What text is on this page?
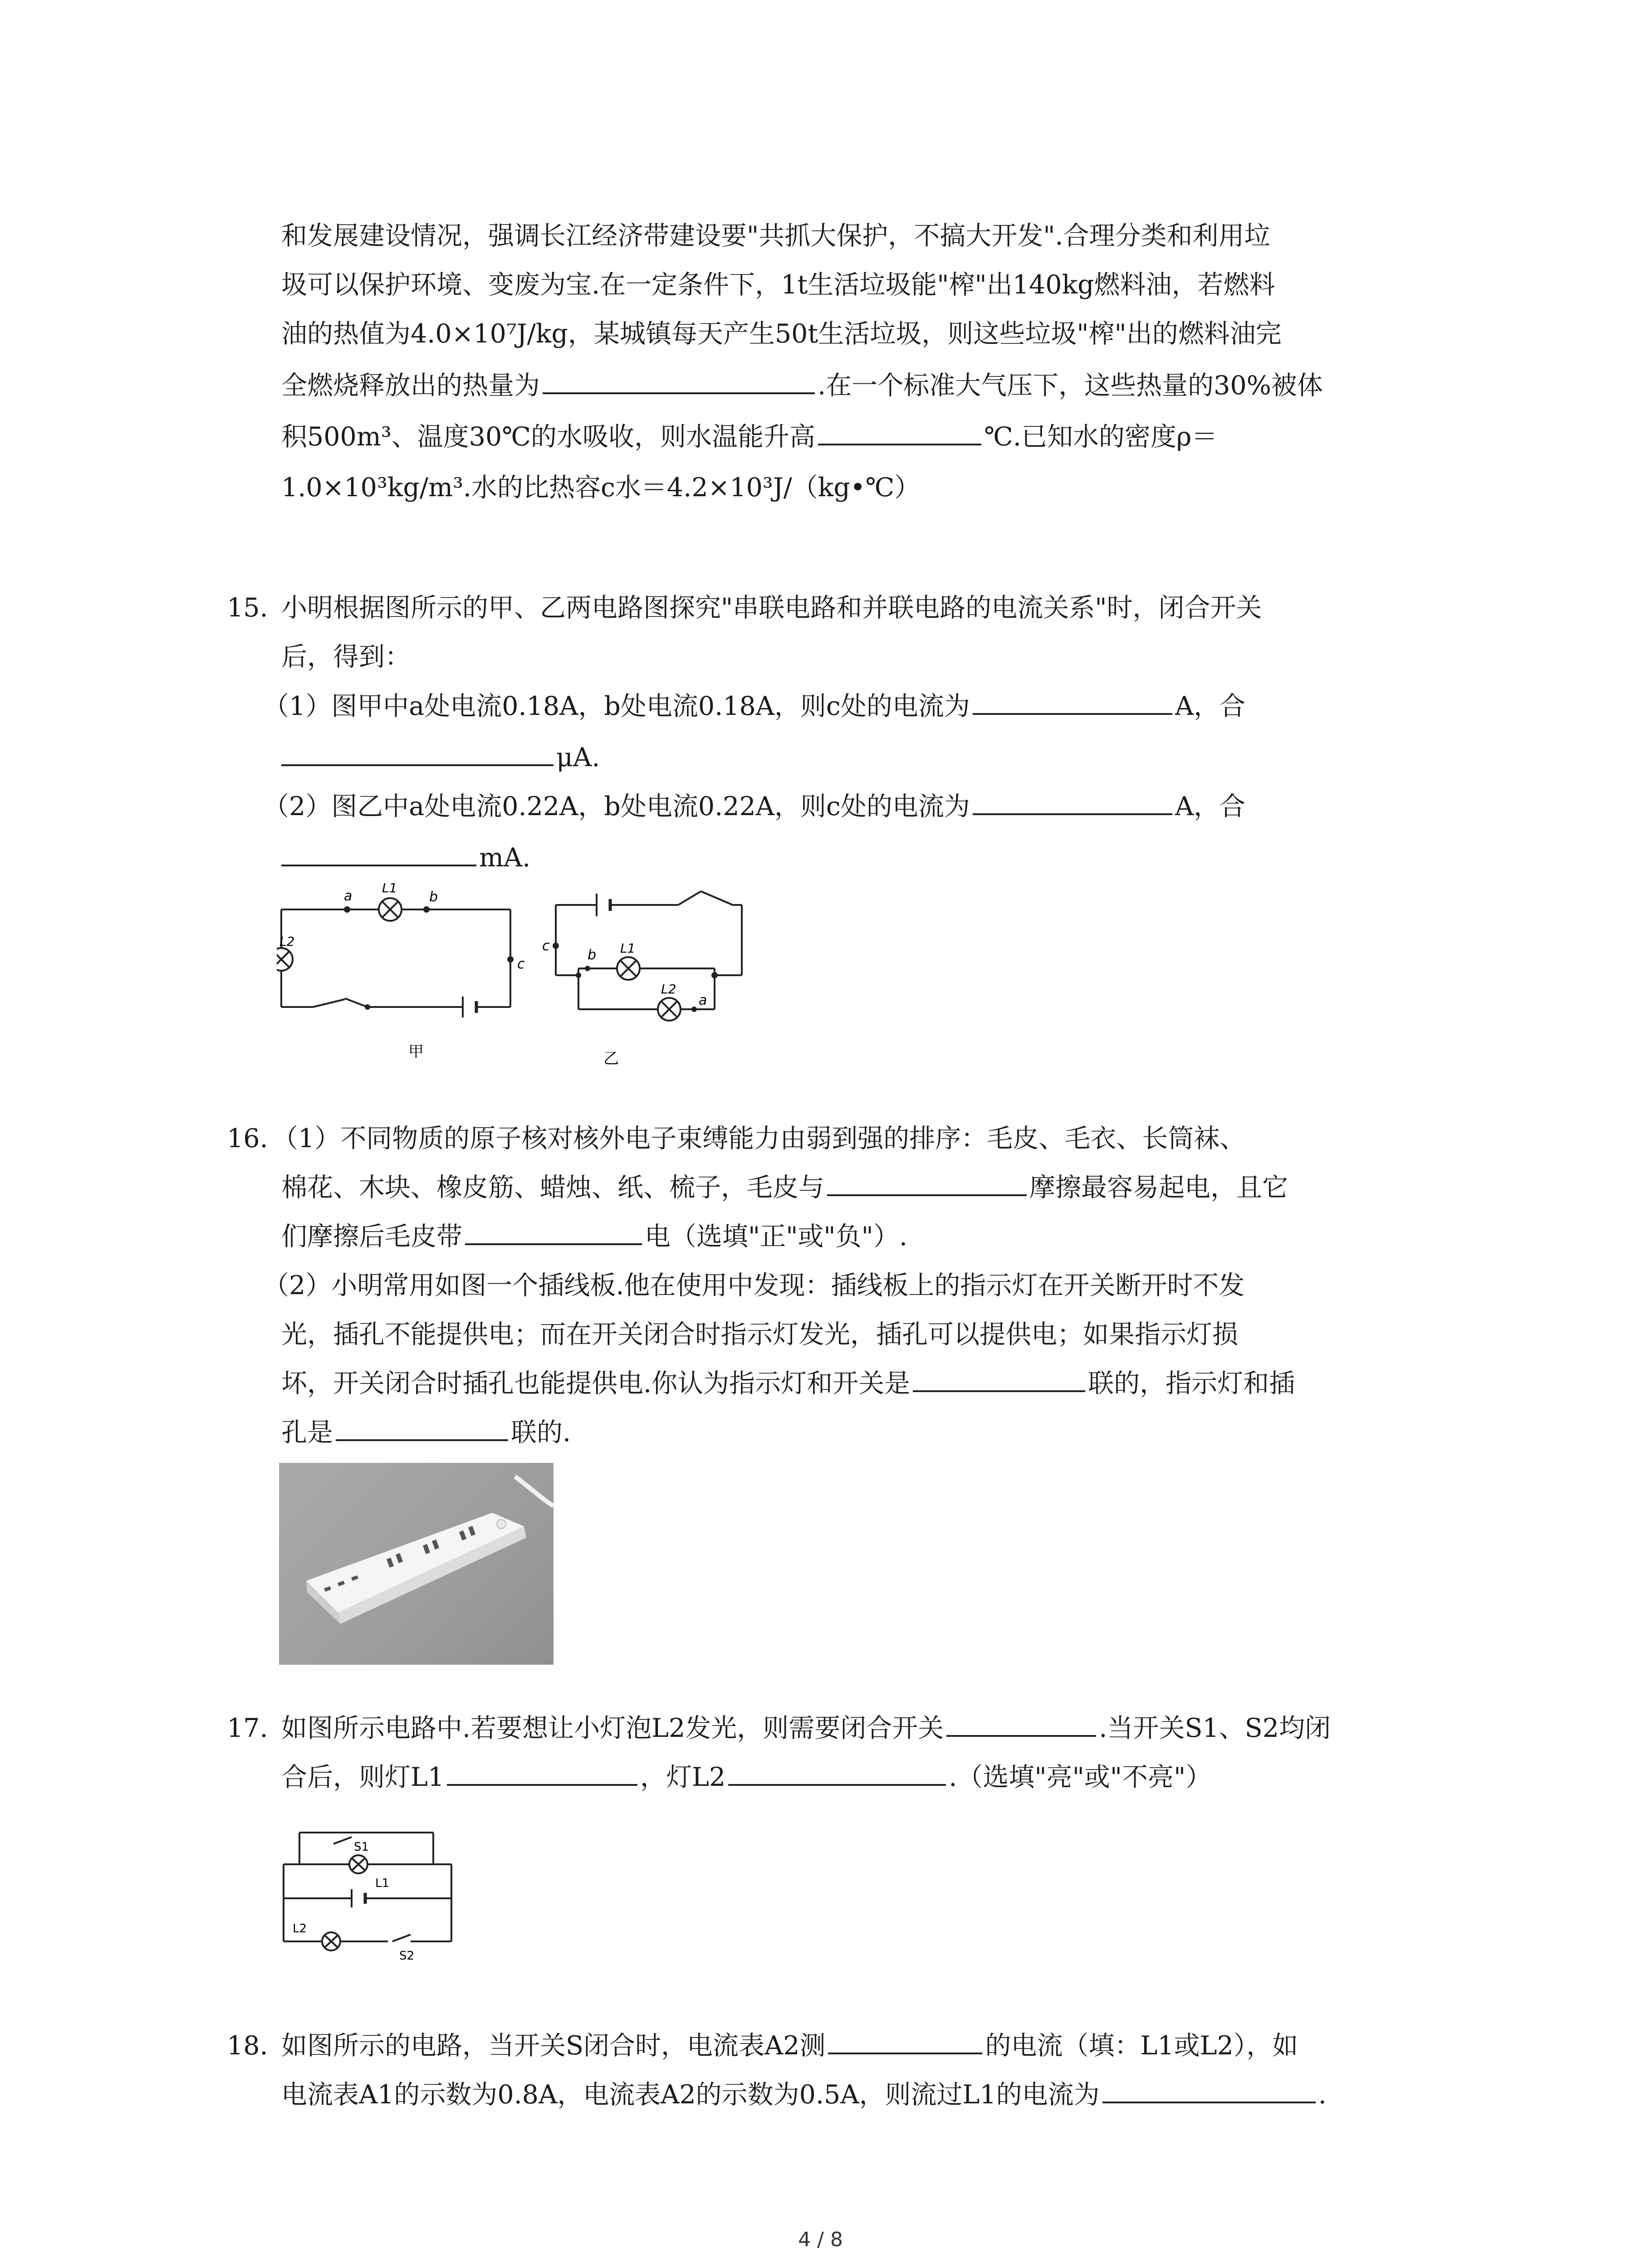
和发展建设情况，强调长江经济带建设要"共抓大保护，不搞大开发".合理分类和利用垃
圾可以保护环境、变废为宝.在一定条件下，1t生活垃圾能"榨"出140kg燃料油，若燃料
油的热值为4.0×10⁷J/kg，某城镇每天产生50t生活垃圾，则这些垃圾"榨"出的燃料油完
全燃烧释放出的热量为	.在一个标准大气压下，这些热量的30%被体
积500m³、温度30℃的水吸收，则水温能升高	℃.已知水的密度ρ＝
1.0×10³kg/m³.水的比热容c水＝4.2×10³J/（kg•℃）
15. 小明根据图所示的甲、乙两电路图探究"串联电路和并联电路的电流关系"时，闭合开关
后，得到：
（1）图甲中a处电流0.18A，b处电流0.18A，则c处的电流为	A，合
μA.
（2）图乙中a处电流0.22A，b处电流0.22A，则c处的电流为	A，合
mA.
a	b
c
L1
L2
甲
c
b
a
L1
L2
乙
16. （1）不同物质的原子核对核外电子束缚能力由弱到强的排序：毛皮、毛衣、长筒袜、
棉花、木块、橡皮筋、蜡烛、纸、梳子，毛皮与	摩擦最容易起电，且它
们摩擦后毛皮带	电（选填"正"或"负"）.
（2）小明常用如图一个插线板.他在使用中发现：插线板上的指示灯在开关断开时不发
光，插孔不能提供电；而在开关闭合时指示灯发光，插孔可以提供电；如果指示灯损
坏，开关闭合时插孔也能提供电.你认为指示灯和开关是	联的，指示灯和插
孔是	联的.
17. 如图所示电路中.若要想让小灯泡L2发光，则需要闭合开关	.当开关S1、S2均闭
合后，则灯L1	，灯L2	.（选填"亮"或"不亮"）
S1
L1
L2
S2
18. 如图所示的电路，当开关S闭合时，电流表A2测	的电流（填：L1或L2），如
电流表A1的示数为0.8A，电流表A2的示数为0.5A，则流过L1的电流为	.
4 / 8
